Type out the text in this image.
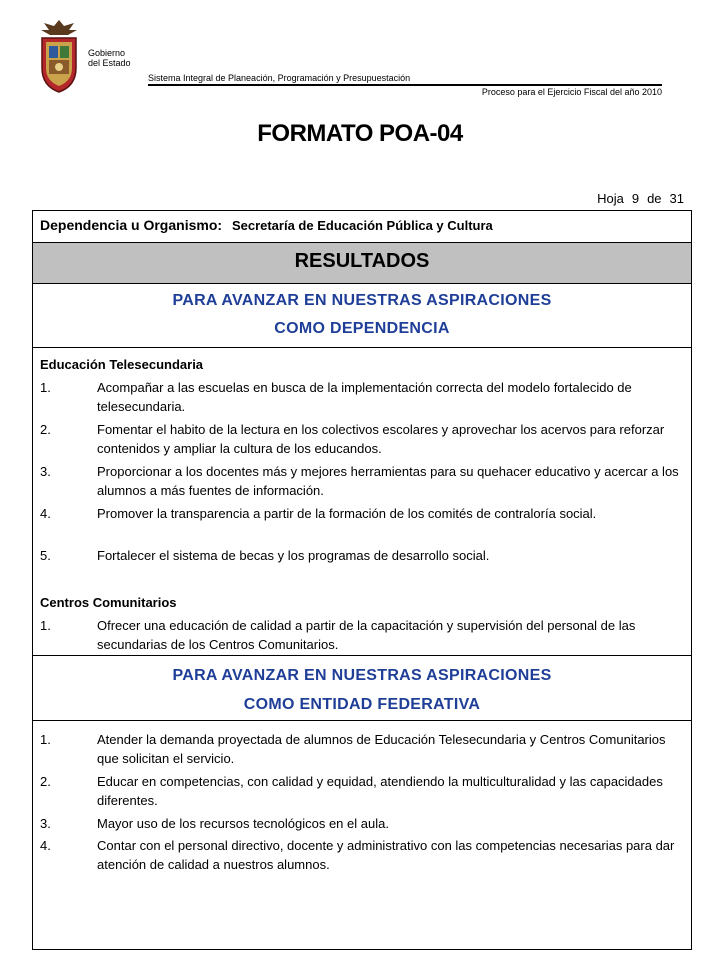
Gobierno
del Estado
Sistema Integral de Planeación, Programación y Presupuestación
Proceso para el Ejercicio Fiscal del año 2010
FORMATO POA-04
Hoja 9 de 31
Dependencia u Organismo: Secretaría de Educación Pública y Cultura
RESULTADOS
PARA AVANZAR EN NUESTRAS ASPIRACIONES
COMO DEPENDENCIA
Educación Telesecundaria
1.	Acompañar a las escuelas en busca de la implementación correcta del modelo fortalecido de telesecundaria.
2.	Fomentar el habito de la lectura en los colectivos escolares y aprovechar los acervos para reforzar contenidos y ampliar la cultura de los educandos.
3.	Proporcionar a los docentes más y mejores herramientas para su quehacer educativo y acercar a los alumnos a más fuentes de información.
4.	Promover la transparencia a partir de la formación de los comités de contraloría social.
5.	Fortalecer el sistema de becas y los programas de desarrollo social.
Centros Comunitarios
1.	Ofrecer una educación de calidad a partir de la capacitación y supervisión del personal de las secundarias de los Centros Comunitarios.
PARA AVANZAR EN NUESTRAS ASPIRACIONES
COMO ENTIDAD FEDERATIVA
1.	Atender la demanda proyectada de alumnos de Educación Telesecundaria y Centros Comunitarios que solicitan el servicio.
2.	Educar en competencias, con calidad y equidad, atendiendo la multiculturalidad y las capacidades diferentes.
3.	Mayor uso de los recursos tecnológicos en el aula.
4.	Contar con el personal directivo, docente y administrativo con las competencias necesarias para dar atención de calidad a nuestros alumnos.
